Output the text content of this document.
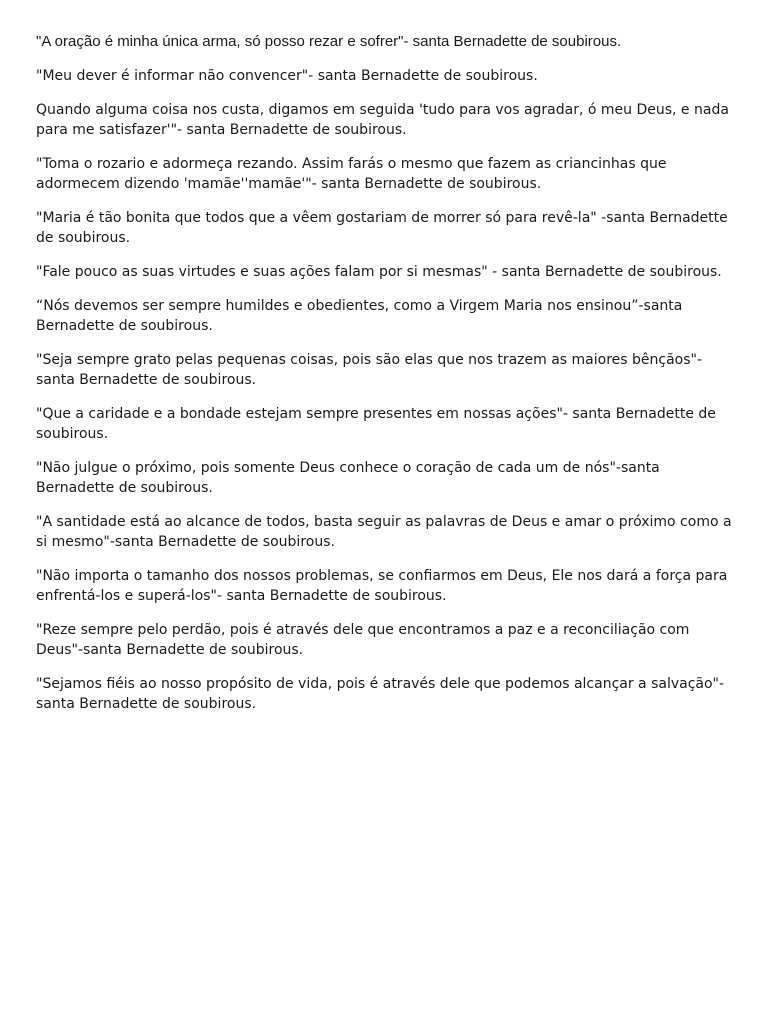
"A oração é minha única arma, só posso rezar e sofrer"- santa Bernadette de soubirous.

"Meu dever é informar não convencer"- santa Bernadette de soubirous.

Quando alguma coisa nos custa, digamos em seguida 'tudo para vos agradar, ó meu Deus, e nada para me satisfazer'"- santa Bernadette de soubirous.

"Toma o rozario e adormeça rezando. Assim farás o mesmo que fazem as criancinhas que adormecem dizendo 'mamãe''mamãe'"- santa Bernadette de soubirous.

"Maria é tão bonita que todos que a vêem gostariam de morrer só para revê-la" -santa Bernadette de soubirous.

"Fale pouco as suas virtudes e suas ações falam por si mesmas" - santa Bernadette de soubirous.

“Nós devemos ser sempre humildes e obedientes, como a Virgem Maria nos ensinou”-santa Bernadette de soubirous.

"Seja sempre grato pelas pequenas coisas, pois são elas que nos trazem as maiores bênçãos"- santa Bernadette de soubirous.

"Que a caridade e a bondade estejam sempre presentes em nossas ações"- santa Bernadette de soubirous.

"Não julgue o próximo, pois somente Deus conhece o coração de cada um de nós"-santa Bernadette de soubirous.

"A santidade está ao alcance de todos, basta seguir as palavras de Deus e amar o próximo como a si mesmo"-santa Bernadette de soubirous.

"Não importa o tamanho dos nossos problemas, se confiarmos em Deus, Ele nos dará a força para enfrentá-los e superá-los"- santa Bernadette de soubirous.

"Reze sempre pelo perdão, pois é através dele que encontramos a paz e a reconciliação com Deus"-santa Bernadette de soubirous.

"Sejamos fiéis ao nosso propósito de vida, pois é através dele que podemos alcançar a salvação"- santa Bernadette de soubirous.
